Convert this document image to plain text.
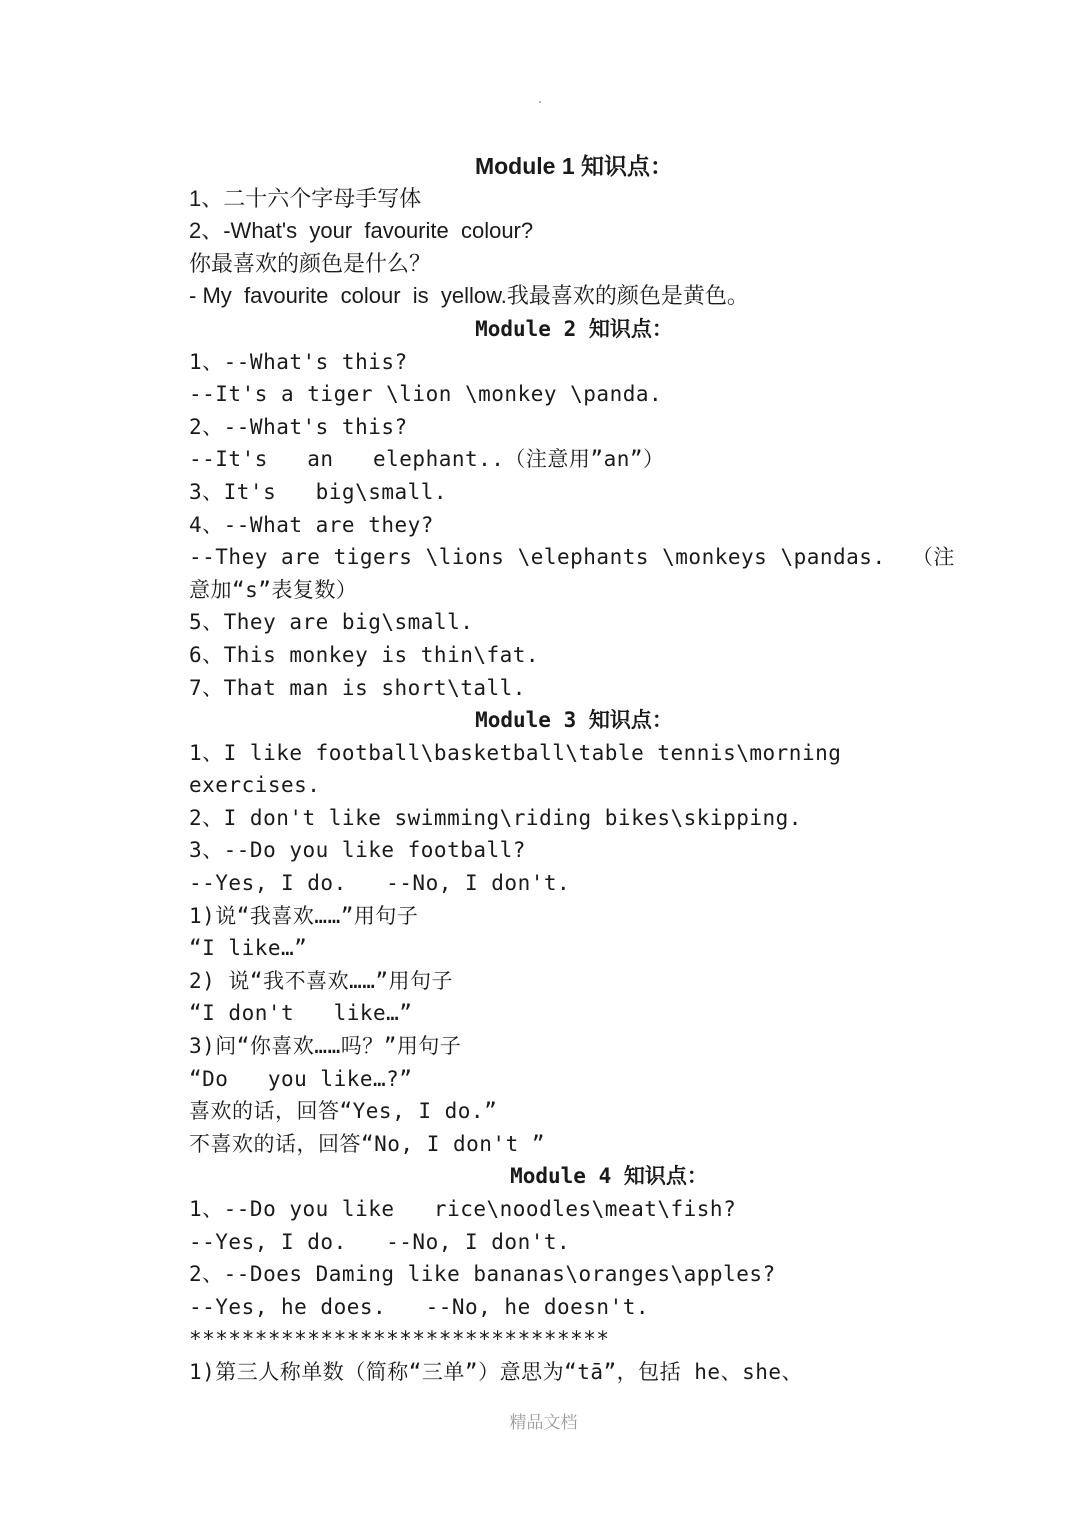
Module 1 知识点：
1、二十六个字母手写体
2、-What's  your  favourite  colour?
你最喜欢的颜色是什么？
- My  favourite  colour  is  yellow.我最喜欢的颜色是黄色。
Module 2 知识点：
1、--What's this?
--It's a tiger \lion \monkey \panda.
2、--What's this?
--It's   an   elephant..（注意用”an”）
3、It's   big\small.
4、--What are they?
--They are tigers \lions \elephants \monkeys \pandas.  （注
意加“s”表复数）
5、They are big\small.
6、This monkey is thin\fat.
7、That man is short\tall.
Module 3 知识点：
1、I like football\basketball\table tennis\morning
exercises.
2、I don't like swimming\riding bikes\skipping.
3、--Do you like football?
--Yes, I do.   --No, I don't.
1)说“我喜欢……”用句子
“I like…”
2) 说“我不喜欢……”用句子
“I don't   like…”
3)问“你喜欢……吗？”用句子
“Do   you like…?”
喜欢的话，回答“Yes, I do.”
不喜欢的话，回答“No, I don't ”
Module 4 知识点：
1、--Do you like   rice\noodles\meat\fish?
--Yes, I do.   --No, I don't.
2、--Does Daming like bananas\oranges\apples?
--Yes, he does.   --No, he doesn't.
********************************
1)第三人称单数（简称“三单”）意思为“tā”，包括 he、she、
精品文档
